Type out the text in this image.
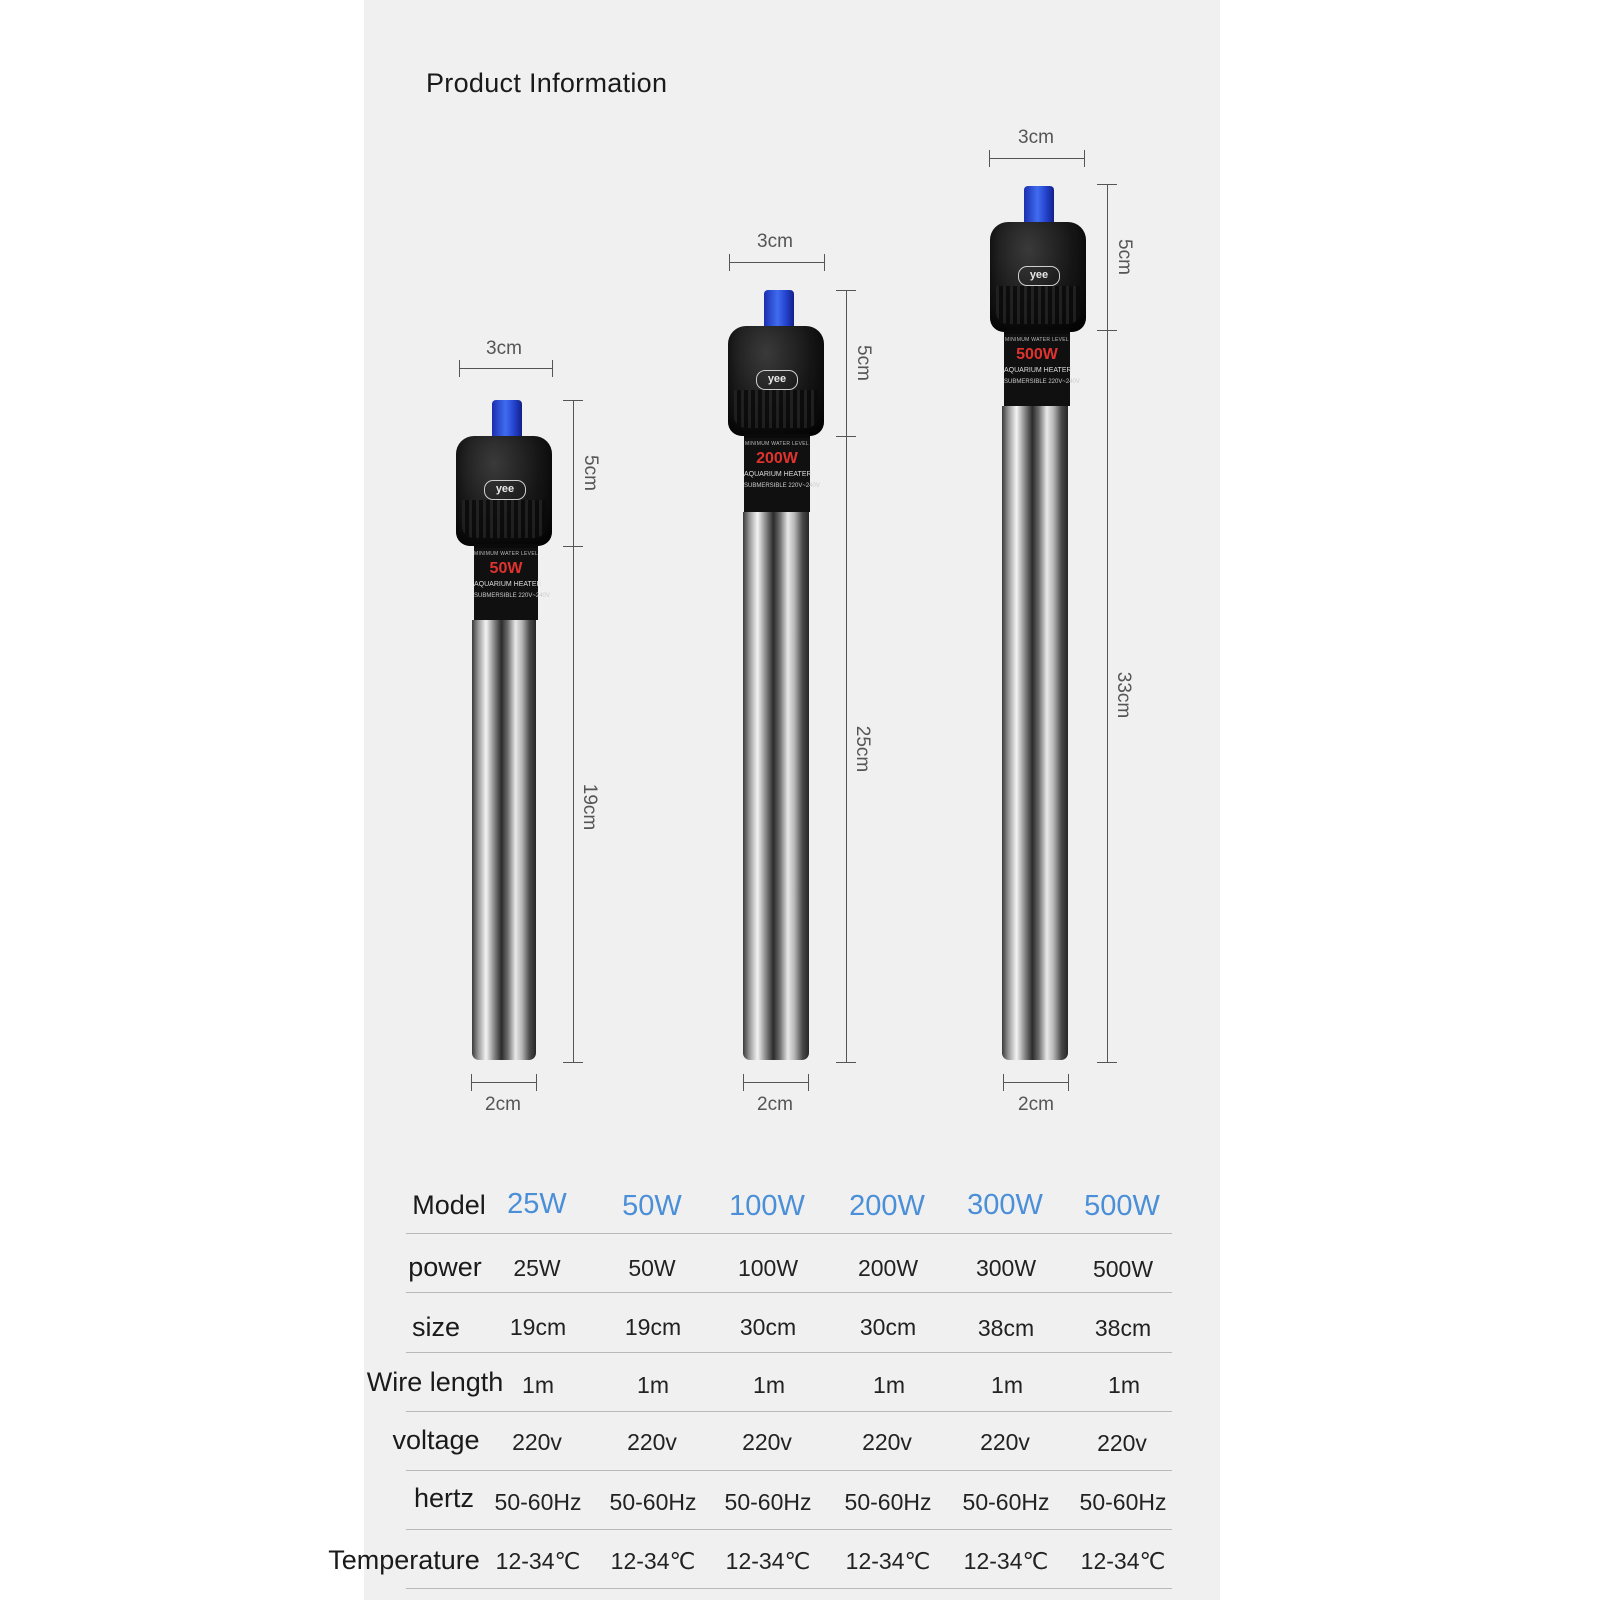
Product Information
3cm
yee
MINIMUM WATER LEVEL
50W
AQUARIUM HEATER
SUBMERSIBLE 220V~240V
5cm
19cm
2cm
3cm
yee
MINIMUM WATER LEVEL
200W
AQUARIUM HEATER
SUBMERSIBLE 220V~240V
5cm
25cm
2cm
3cm
yee
MINIMUM WATER LEVEL
500W
AQUARIUM HEATER
SUBMERSIBLE 220V~240V
5cm
33cm
2cm
Model 25W 50W 100W 200W 300W 500W
power 25W	50W	100W	200W	300W 500W
size 19cm	19cm	30cm	30cm	38cm	38cm
Wire length 1m	1m	1m	1m	1m	1m
voltage 220v	220v	220v	220v	220v	220v
hertz 50-60Hz 50-60Hz 50-60Hz 50-60Hz 50-60Hz 50-60Hz
Temperature 12-34℃ 12-34℃ 12-34℃ 12-34℃ 12-34℃ 12-34℃
